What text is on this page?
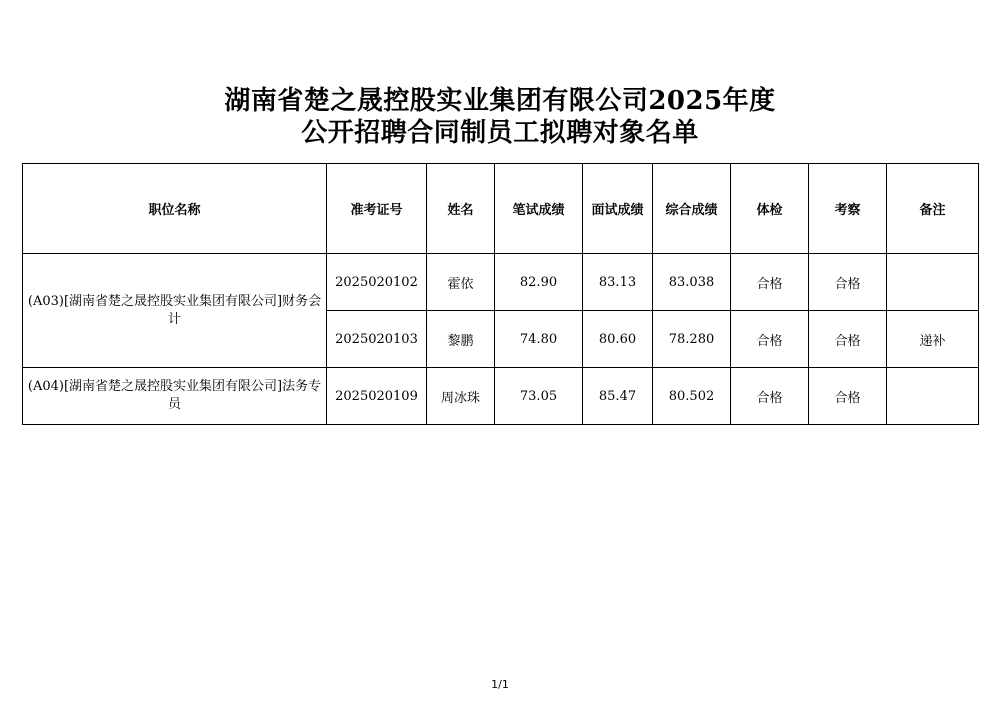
湖南省楚之晟控股实业集团有限公司2025年度
公开招聘合同制员工拟聘对象名单
职位名称	准考证号	姓名	笔试成绩	面试成绩	综合成绩	体检	考察	备注
(A03)[湖南省楚之晟控股实业集团有限公司]财务会计	2025020102	霍依	82.90	83.13	83.038	合格	合格	
	2025020103	黎鹏	74.80	80.60	78.280	合格	合格	递补
(A04)[湖南省楚之晟控股实业集团有限公司]法务专员	2025020109	周冰珠	73.05	85.47	80.502	合格	合格	
1/1
